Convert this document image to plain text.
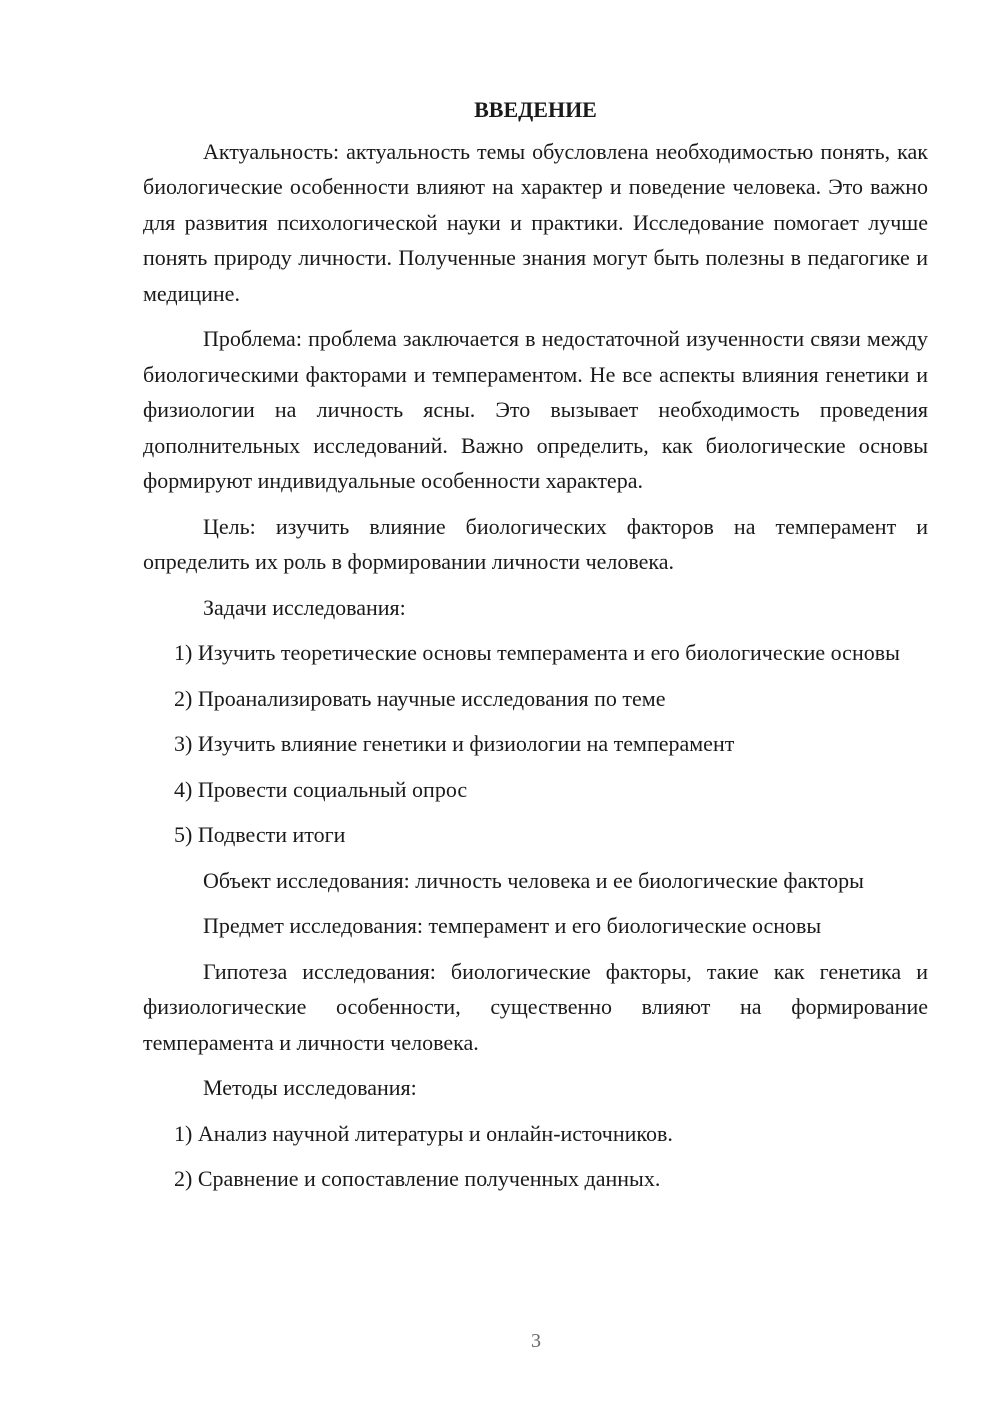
ВВЕДЕНИЕ

Актуальность: актуальность темы обусловлена необходимостью понять, как биологические особенности влияют на характер и поведение человека. Это важно для развития психологической науки и практики. Исследование помогает лучше понять природу личности. Полученные знания могут быть полезны в педагогике и медицине.

Проблема: проблема заключается в недостаточной изученности связи между биологическими факторами и темпераментом. Не все аспекты влияния генетики и физиологии на личность ясны. Это вызывает необходимость проведения дополнительных исследований. Важно определить, как биологические основы формируют индивидуальные особенности характера.

Цель: изучить влияние биологических факторов на темперамент и определить их роль в формировании личности человека.

Задачи исследования:

1) Изучить теоретические основы темперамента и его биологические основы

2) Проанализировать научные исследования по теме

3) Изучить влияние генетики и физиологии на темперамент

4) Провести социальный опрос

5) Подвести итоги

Объект исследования: личность человека и ее биологические факторы

Предмет исследования: темперамент и его биологические основы

Гипотеза исследования: биологические факторы, такие как генетика и физиологические особенности, существенно влияют на формирование темперамента и личности человека.

Методы исследования:

1) Анализ научной литературы и онлайн-источников.

2) Сравнение и сопоставление полученных данных.

3
